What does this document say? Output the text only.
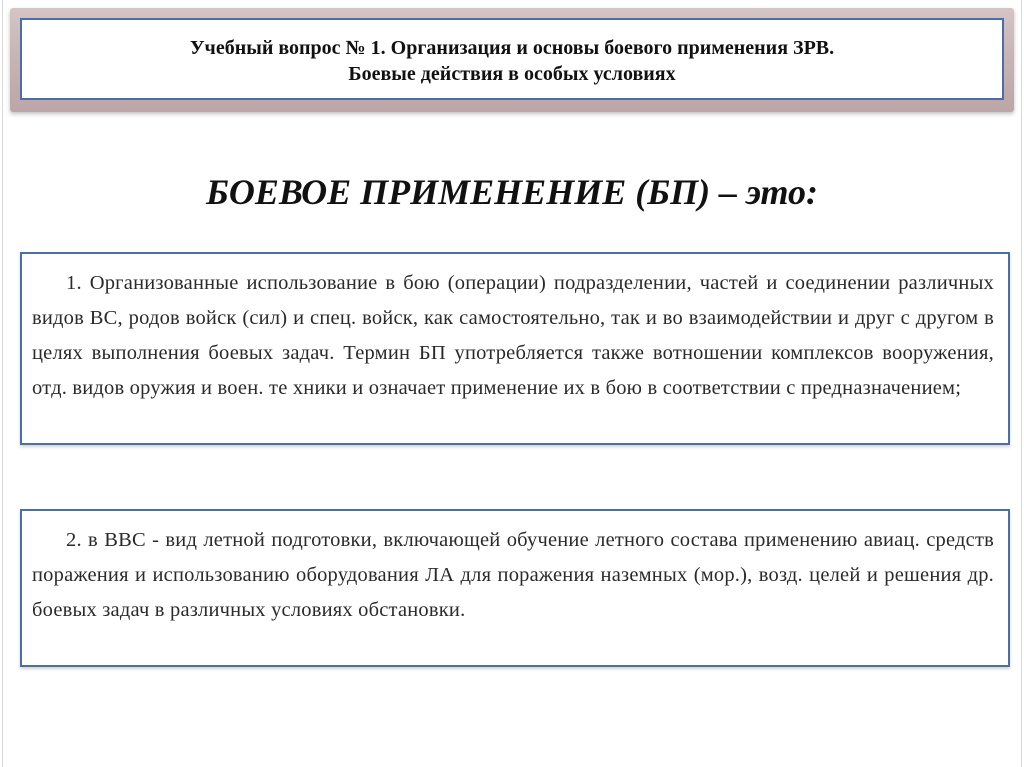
Учебный вопрос № 1. Организация и основы боевого применения ЗРВ.
Боевые действия в особых условиях
БОЕВОЕ ПРИМЕНЕНИЕ (БП) – это:

1. Организованные использование в бою (операции) подразделении, частей и соединении различных видов ВС, родов войск (сил) и спец. войск, как самостоятельно, так и во взаимодействии и друг с другом в целях выполнения боевых задач. Термин БП употребляется также вотношении комплексов вооружения, отд. видов оружия и воен. те хники и означает применение их в бою в соответствии с предназначением;

2. в ВВС - вид летной подготовки, включающей обучение летного состава применению авиац. средств поражения и использованию оборудования ЛА для поражения наземных (мор.), возд. целей и решения др. боевых задач в различных условиях обстановки.
